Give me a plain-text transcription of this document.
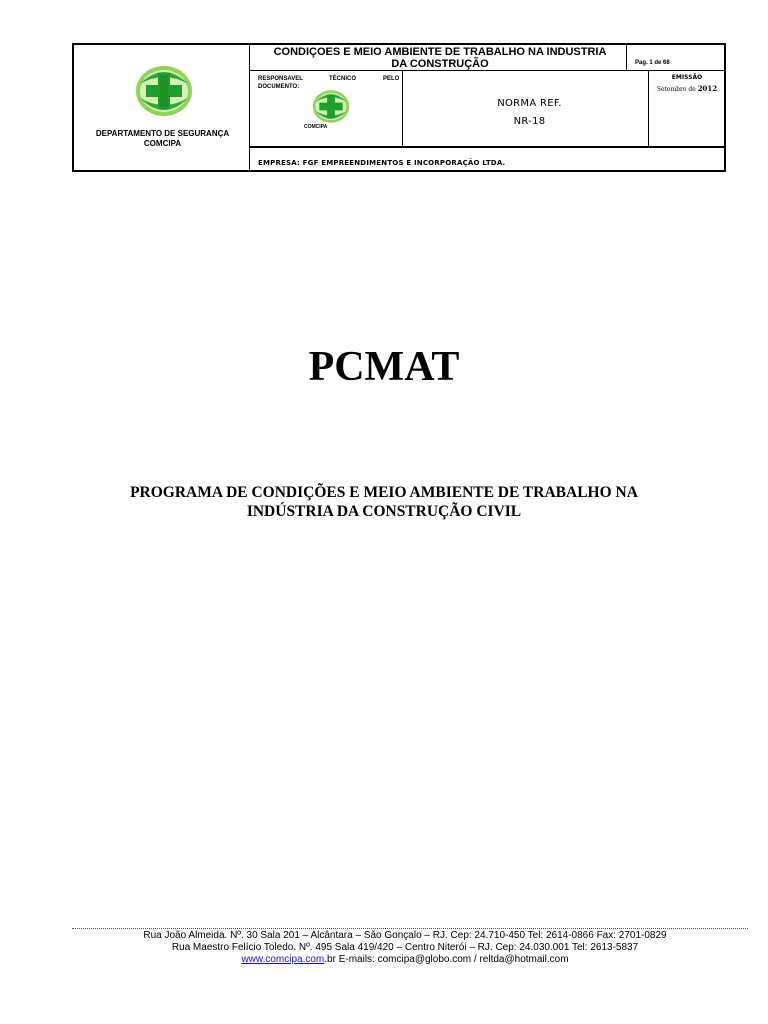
DEPARTAMENTO DE SEGURANÇA
COMCIPA
CONDIÇOES E MEIO AMBIENTE DE TRABALHO NA INDUSTRIA
DA CONSTRUÇÃO	Pag. 1 de 68
RESPONSAVEL	TÉCNICO	PELO
DOCUMENTO:
COMCIPA
NORMA REF.
NR-18
EMISSÃO
Setembro de 2012
EMPRESA: FGF EMPREENDIMENTOS E INCORPORAÇÃO LTDA.
PCMAT
PROGRAMA DE CONDIÇÕES E MEIO AMBIENTE DE TRABALHO NA
INDÚSTRIA DA CONSTRUÇÃO CIVIL
Rua João Almeida. Nº. 30 Sala 201 – Alcântara – São Gonçalo – RJ. Cep: 24.710-450 Tel: 2614-0866 Fax: 2701-0829
Rua Maestro Felício Toledo. Nº. 495 Sala 419/420 – Centro Niterói – RJ. Cep: 24.030.001 Tel: 2613-5837
www.comcipa.com.br E-mails: comcipa@globo.com / reltda@hotmail.com
